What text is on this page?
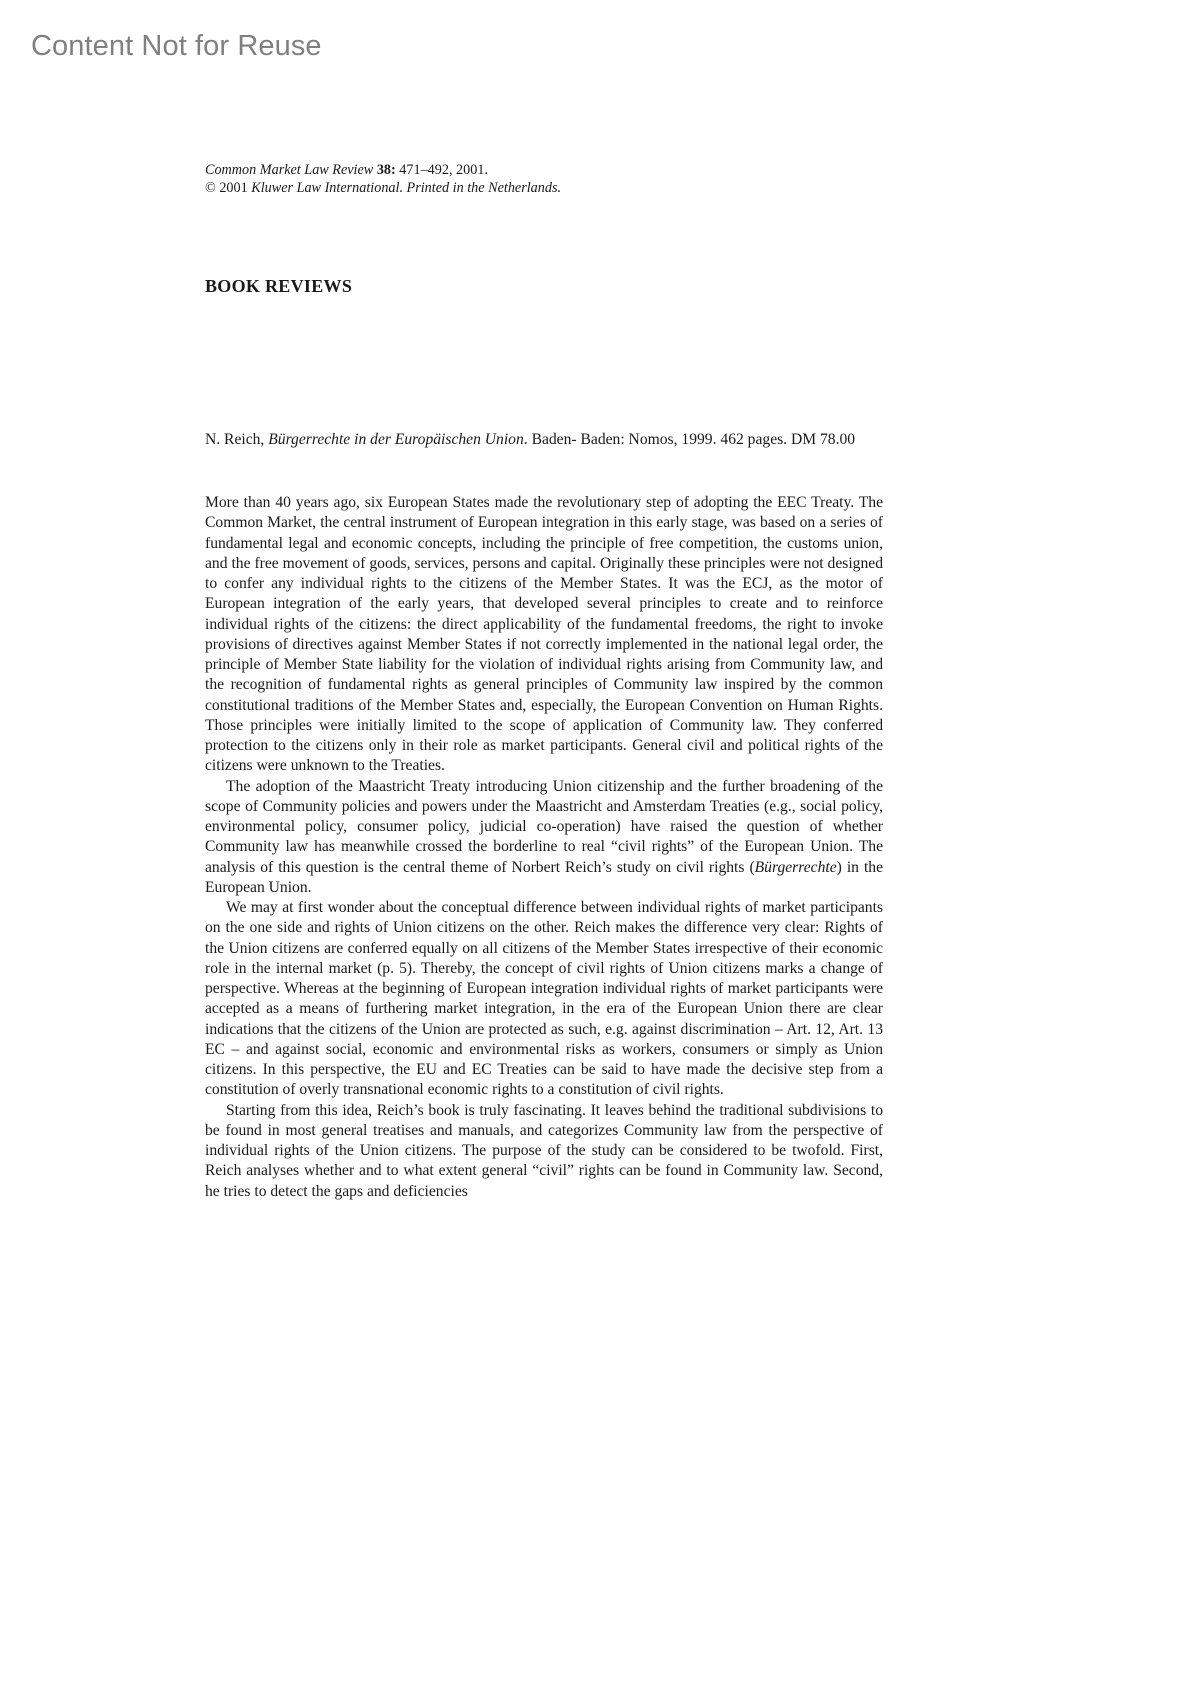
Content Not for Reuse
Common Market Law Review 38: 471–492, 2001.
© 2001 Kluwer Law International. Printed in the Netherlands.
BOOK REVIEWS
N. Reich, Bürgerrechte in der Europäischen Union. Baden- Baden: Nomos, 1999. 462 pages. DM 78.00

More than 40 years ago, six European States made the revolutionary step of adopting the EEC Treaty. The Common Market, the central instrument of European integration in this early stage, was based on a series of fundamental legal and economic concepts, including the principle of free competition, the customs union, and the free movement of goods, services, persons and capital. Originally these principles were not designed to confer any individual rights to the citizens of the Member States. It was the ECJ, as the motor of European integration of the early years, that developed several principles to create and to reinforce individual rights of the citizens: the direct applicability of the fundamental freedoms, the right to invoke provisions of directives against Member States if not correctly implemented in the national legal order, the principle of Member State liability for the violation of individual rights arising from Community law, and the recognition of fundamental rights as general principles of Community law inspired by the common constitutional traditions of the Member States and, especially, the European Convention on Human Rights. Those principles were initially limited to the scope of application of Community law. They conferred protection to the citizens only in their role as market participants. General civil and political rights of the citizens were unknown to the Treaties.

The adoption of the Maastricht Treaty introducing Union citizenship and the further broadening of the scope of Community policies and powers under the Maastricht and Amsterdam Treaties (e.g., social policy, environmental policy, consumer policy, judicial co-operation) have raised the question of whether Community law has meanwhile crossed the borderline to real “civil rights” of the European Union. The analysis of this question is the central theme of Norbert Reich’s study on civil rights (Bürgerrechte) in the European Union.

We may at first wonder about the conceptual difference between individual rights of market participants on the one side and rights of Union citizens on the other. Reich makes the difference very clear: Rights of the Union citizens are conferred equally on all citizens of the Member States irrespective of their economic role in the internal market (p. 5). Thereby, the concept of civil rights of Union citizens marks a change of perspective. Whereas at the beginning of European integration individual rights of market participants were accepted as a means of furthering market integration, in the era of the European Union there are clear indications that the citizens of the Union are protected as such, e.g. against discrimination – Art. 12, Art. 13 EC – and against social, economic and environmental risks as workers, consumers or simply as Union citizens. In this perspective, the EU and EC Treaties can be said to have made the decisive step from a constitution of overly transnational economic rights to a constitution of civil rights.

Starting from this idea, Reich’s book is truly fascinating. It leaves behind the traditional subdivisions to be found in most general treatises and manuals, and categorizes Community law from the perspective of individual rights of the Union citizens. The purpose of the study can be considered to be twofold. First, Reich analyses whether and to what extent general “civil” rights can be found in Community law. Second, he tries to detect the gaps and deficiencies
